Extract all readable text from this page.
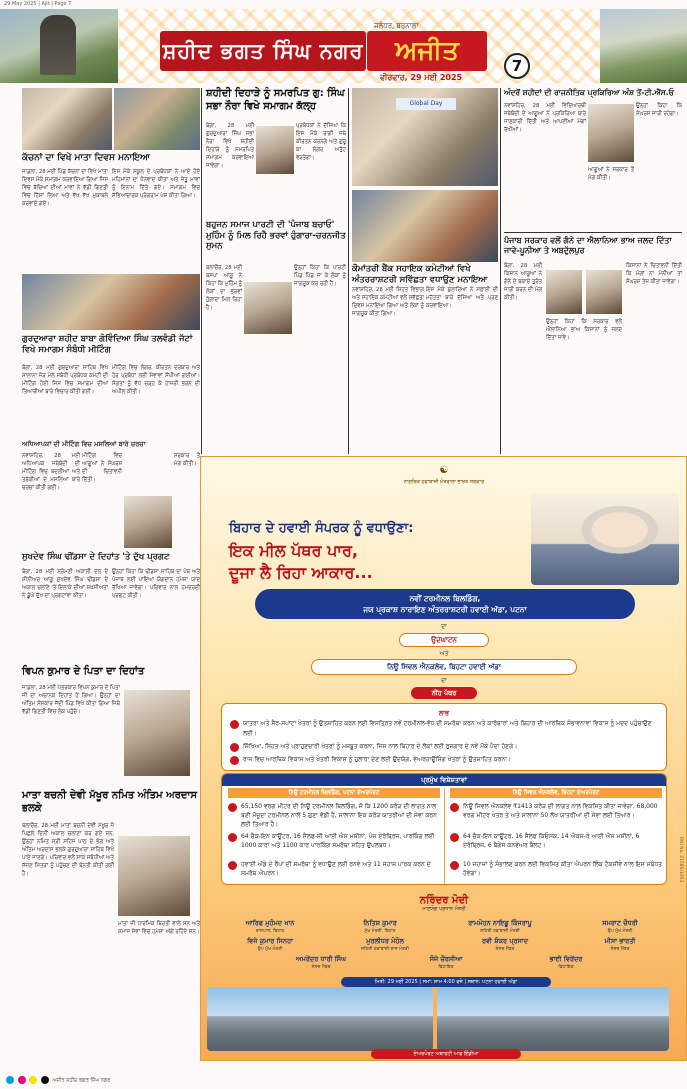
29 May 2025 | Ajit | Page 7
ਸ਼ਹੀਦ ਭਗਤ ਸਿੰਘ ਨਗਰ
ਜਲੰਧਰ, ਬਰਨਾਲਾ
ਅਜੀਤ
ਵੀਰਵਾਰ, 29 ਮਈ 2025
7
ਕੱਚਨਾਂ ਦਾ ਵਿਖੇ ਮਾਤਾ ਦਿਵਸ ਮਨਾਇਆ
ਜਾਡਲਾ, 28 ਮਈ ਪਿੰਡ ਕੱਚਨਾਂ ਦਾ ਵਿਖੇ ਮਾਤਾ ਦਿਵਸ ਮੌਕੇ ਸਮਾਗਮ ਕਰਵਾਇਆ ਗਿਆ ਜਿਸ ਵਿਚ ਬੱਚਿਆਂ ਦੀਆਂ ਮਾਵਾਂ ਨੇ ਵੱਡੀ ਗਿਣਤੀ ਵਿਚ ਹਿੱਸਾ ਲਿਆ ਅਤੇ ਵੱਖ ਵੱਖ ਮੁਕਾਬਲੇ ਕਰਵਾਏ ਗਏ।
ਇਸ ਮੌਕੇ ਸਕੂਲ ਦੇ ਪ੍ਰਬੰਧਕਾਂ ਨੇ ਆਏ ਹੋਏ ਮਹਿਮਾਨਾਂ ਦਾ ਧੰਨਵਾਦ ਕੀਤਾ ਅਤੇ ਜੇਤੂ ਮਾਵਾਂ ਨੂੰ ਇਨਾਮ ਦਿੱਤੇ ਗਏ। ਸਮਾਗਮ ਵਿਚ ਸੱਭਿਆਚਾਰਕ ਪ੍ਰੋਗਰਾਮ ਪੇਸ਼ ਕੀਤਾ ਗਿਆ।
ਗੁਰਦੁਆਰਾ ਸ਼ਹੀਦ ਬਾਬਾ ਗੋਵਿੰਦਿਆ ਸਿੰਘ ਤਲਵੰਡੀ ਜੱਟਾਂ ਵਿਖੇ ਸਮਾਗਮ ਸੰਬੰਧੀ ਮੀਟਿੰਗ
ਬੰਗਾ, 28 ਮਈ ਗੁਰਦੁਆਰਾ ਸਾਹਿਬ ਵਿਖੇ ਸਾਲਾਨਾ ਜੋੜ ਮੇਲੇ ਸਬੰਧੀ ਪ੍ਰਬੰਧਕ ਕਮੇਟੀ ਦੀ ਮੀਟਿੰਗ ਹੋਈ ਜਿਸ ਵਿਚ ਸਮਾਗਮ ਦੀਆਂ ਤਿਆਰੀਆਂ ਬਾਰੇ ਵਿਚਾਰ ਕੀਤੀ ਗਈ।
ਮੀਟਿੰਗ ਵਿਚ ਲੰਗਰ, ਕੀਰਤਨ ਦਰਬਾਰ ਅਤੇ ਹੋਰ ਪ੍ਰਬੰਧਾਂ ਲਈ ਸੇਵਾਵਾਂ ਸੌਂਪੀਆਂ ਗਈਆਂ। ਸੰਗਤਾਂ ਨੂੰ ਵੱਧ ਚੜ੍ਹ ਕੇ ਹਾਜ਼ਰੀ ਭਰਨ ਦੀ ਅਪੀਲ ਕੀਤੀ।
ਅਧਿਆਪਕਾਂ ਦੀ ਮੀਟਿੰਗ ਵਿਚ ਮਸਲਿਆਂ ਬਾਰੇ ਚਰਚਾ
ਨਵਾਂਸ਼ਹਿਰ, 28 ਮਈ ਅਧਿਆਪਕ ਜਥੇਬੰਦੀ ਦੀ ਮੀਟਿੰਗ ਵਿਚ ਬਦਲੀਆਂ ਅਤੇ ਤਰੱਕੀਆਂ ਦੇ ਮਸਲਿਆਂ ਬਾਰੇ ਚਰਚਾ ਕੀਤੀ ਗਈ।
ਮੀਟਿੰਗ ਵਿਚ ਆਗੂਆਂ ਨੇ ਸੰਘਰਸ਼ ਦੀ ਚਿਤਾਵਨੀ ਦਿੱਤੀ।
ਸਰਕਾਰ ਤੋਂ ਮੰਗ ਕੀਤੀ।
ਸੁਖਦੇਵ ਸਿੰਘ ਢੀਂਡਸਾ ਦੇ ਦਿਹਾਂਤ 'ਤੇ ਦੁੱਖ ਪ੍ਰਗਟ
ਬੰਗਾ, 28 ਮਈ ਸ਼੍ਰੋਮਣੀ ਅਕਾਲੀ ਦਲ ਦੇ ਸੀਨੀਅਰ ਆਗੂ ਸੁਖਦੇਵ ਸਿੰਘ ਢੀਂਡਸਾ ਦੇ ਅਕਾਲ ਚਲਾਣੇ 'ਤੇ ਇਲਾਕੇ ਦੀਆਂ ਸ਼ਖ਼ਸੀਅਤਾਂ ਨੇ ਡੂੰਘੇ ਦੁੱਖ ਦਾ ਪ੍ਰਗਟਾਵਾ ਕੀਤਾ।
ਉਨ੍ਹਾਂ ਕਿਹਾ ਕਿ ਢੀਂਡਸਾ ਸਾਹਿਬ ਦਾ ਪੰਥ ਅਤੇ ਪੰਜਾਬ ਲਈ ਪਾਇਆ ਯੋਗਦਾਨ ਹਮੇਸ਼ਾ ਯਾਦ ਰੱਖਿਆ ਜਾਵੇਗਾ। ਪਰਿਵਾਰ ਨਾਲ ਹਮਦਰਦੀ ਪ੍ਰਗਟ ਕੀਤੀ।
ਵਿਪਨ ਕੁਮਾਰ ਦੇ ਪਿਤਾ ਦਾ ਦਿਹਾਂਤ
ਜਾਡਲਾ, 28 ਮਈ ਪੱਤਰਕਾਰ ਵਿਪਨ ਕੁਮਾਰ ਦੇ ਪਿਤਾ ਜੀ ਦਾ ਅਚਾਨਕ ਦਿਹਾਂਤ ਹੋ ਗਿਆ। ਉਨ੍ਹਾਂ ਦਾ ਅੰਤਿਮ ਸੰਸਕਾਰ ਜੱਦੀ ਪਿੰਡ ਵਿਖੇ ਕੀਤਾ ਗਿਆ ਜਿਥੇ ਵੱਡੀ ਗਿਣਤੀ ਵਿਚ ਲੋਕ ਪਹੁੰਚੇ।
ਮਾਤਾ ਬਚਨੀ ਦੇਵੀ ਮੱਖੂਰ ਨਮਿਤ ਅੰਤਿਮ ਅਰਦਾਸ ਭਲਕੇ
ਬਲਾਚੌਰ, 28 ਮਈ ਮਾਤਾ ਬਚਨੀ ਦੇਵੀ ਮੱਖੂਰ ਜੋ ਪਿਛਲੇ ਦਿਨੀਂ ਅਕਾਲ ਚਲਾਣਾ ਕਰ ਗਏ ਸਨ, ਉਨ੍ਹਾਂ ਨਮਿਤ ਸ੍ਰੀ ਸਹਿਜ ਪਾਠ ਦੇ ਭੋਗ ਅਤੇ ਅੰਤਿਮ ਅਰਦਾਸ ਭਲਕੇ ਗੁਰਦੁਆਰਾ ਸਾਹਿਬ ਵਿਖੇ ਪਾਏ ਜਾਣਗੇ। ਪਰਿਵਾਰ ਵਲੋਂ ਸਾਕ ਸਬੰਧੀਆਂ ਅਤੇ ਸੱਜਣ ਮਿੱਤਰਾਂ ਨੂੰ ਪਹੁੰਚਣ ਦੀ ਬੇਨਤੀ ਕੀਤੀ ਗਈ ਹੈ।
ਮਾਤਾ ਜੀ ਧਾਰਮਿਕ ਬਿਰਤੀ ਵਾਲੇ ਸਨ ਅਤੇ ਸਮਾਜ ਸੇਵਾ ਵਿਚ ਹਮੇਸ਼ਾ ਅੱਗੇ ਰਹਿੰਦੇ ਸਨ।
ਸ਼ਹੀਦੀ ਦਿਹਾੜੇ ਨੂੰ ਸਮਰਪਿਤ ਗੁ: ਸਿੰਘ ਸਭਾ ਨੌਰਾ ਵਿਖੇ ਸਮਾਗਮ ਕੱਲ੍ਹ
ਬੰਗਾ, 28 ਮਈ ਗੁਰਦੁਆਰਾ ਸਿੰਘ ਸਭਾ ਨੌਰਾ ਵਿਖੇ ਸ਼ਹੀਦੀ ਦਿਹਾੜੇ ਨੂੰ ਸਮਰਪਿਤ ਸਮਾਗਮ ਕਰਵਾਇਆ ਜਾਵੇਗਾ।
ਪ੍ਰਬੰਧਕਾਂ ਨੇ ਦੱਸਿਆ ਕਿ ਇਸ ਮੌਕੇ ਰਾਗੀ ਜਥੇ ਕੀਰਤਨ ਕਰਨਗੇ ਅਤੇ ਗੁਰੂ ਕਾ ਲੰਗਰ ਅਤੁੱਟ ਵਰਤੇਗਾ।
ਬਹੁਜਨ ਸਮਾਜ ਪਾਰਟੀ ਦੀ 'ਪੰਜਾਬ ਬਚਾਓ' ਮੁਹਿੰਮ ਨੂੰ ਮਿਲ ਰਿਹੈ ਭਰਵਾਂ ਹੁੰਗਾਰਾ-ਚਰਨਜੀਤ ਸੁਮਨ
ਬਲਾਚੌਰ, 28 ਮਈ ਬਸਪਾ ਆਗੂ ਨੇ ਕਿਹਾ ਕਿ ਮੁਹਿੰਮ ਨੂੰ ਲੋਕਾਂ ਦਾ ਭਰਵਾਂ ਹੁੰਗਾਰਾ ਮਿਲ ਰਿਹਾ ਹੈ।
ਉਨ੍ਹਾਂ ਕਿਹਾ ਕਿ ਪਾਰਟੀ ਪਿੰਡ ਪਿੰਡ ਜਾ ਕੇ ਲੋਕਾਂ ਨੂੰ ਜਾਗਰੂਕ ਕਰ ਰਹੀ ਹੈ।
Global Day
ਕੌਮਾਂਤਰੀ ਬੈਂਕ ਸਹਾਇਕ ਕਮੇਟੀਆਂ ਵਿਖੇ ਅੰਤਰਰਾਸ਼ਟਰੀ ਸਵਿੱਛਤਾ ਵਧਾਉਣ ਮਨਾਇਆ
ਨਵਾਂਸ਼ਹਿਰ, 28 ਮਈ ਸਿਹਤ ਵਿਭਾਗ ਅਤੇ ਸਹਾਇਕ ਕਮੇਟੀਆਂ ਵਲੋਂ ਸਵੱਛਤਾ ਦਿਵਸ ਮਨਾਇਆ ਗਿਆ ਅਤੇ ਲੋਕਾਂ ਨੂੰ ਜਾਗਰੂਕ ਕੀਤਾ ਗਿਆ।
ਇਸ ਮੌਕੇ ਬੁਲਾਰਿਆਂ ਨੇ ਸਫ਼ਾਈ ਦੀ ਮਹੱਤਤਾ ਬਾਰੇ ਦੱਸਿਆ ਅਤੇ ਪ੍ਰਣ ਕਰਵਾਇਆ।
ਅੰਦਰੋਂ ਸ਼ਹੀਦਾਂ ਦੀ ਰਾਜਨੀਤਿਕ ਪ੍ਰਕਿਰਿਆ ਅੰਸ਼ ਤੋਂ-ਟੀ.ਐੱਸ.ਓ
ਨਵਾਂਸ਼ਹਿਰ, 28 ਮਈ ਵਿਦਿਆਰਥੀ ਜਥੇਬੰਦੀ ਦੇ ਆਗੂਆਂ ਨੇ ਪ੍ਰਕਿਰਿਆ ਬਾਰੇ ਜਾਣਕਾਰੀ ਦਿੱਤੀ ਅਤੇ ਆਪਣੀਆਂ ਮੰਗਾਂ ਰੱਖੀਆਂ।
ਉਨ੍ਹਾਂ ਕਿਹਾ ਕਿ ਸੰਘਰਸ਼ ਜਾਰੀ ਰਹੇਗਾ।
ਆਗੂਆਂ ਨੇ ਸਰਕਾਰ ਤੋਂ ਮੰਗ ਕੀਤੀ।
ਪੰਜਾਬ ਸਰਕਾਰ ਵਲੋਂ ਗੰਨੇ ਦਾ ਐਲਾਨਿਆ ਭਾਅ ਜਲਦ ਦਿੱਤਾ ਜਾਵੇ-ਪੂਨੀਆ ਤੇ ਅਬਦੁੱਲਪੁਰ
ਬੰਗਾ, 28 ਮਈ ਕਿਸਾਨ ਆਗੂਆਂ ਨੇ ਗੰਨੇ ਦੇ ਬਕਾਏ ਤੁਰੰਤ ਜਾਰੀ ਕਰਨ ਦੀ ਮੰਗ ਕੀਤੀ।
ਉਨ੍ਹਾਂ ਕਿਹਾ ਕਿ ਸਰਕਾਰ ਵਲੋਂ ਐਲਾਨਿਆ ਭਾਅ ਕਿਸਾਨਾਂ ਨੂੰ ਜਲਦ ਦਿੱਤਾ ਜਾਵੇ।
ਕਿਸਾਨਾਂ ਨੇ ਚਿਤਾਵਨੀ ਦਿੱਤੀ ਕਿ ਮੰਗਾਂ ਨਾ ਮੰਨੀਆਂ ਤਾਂ ਸੰਘਰਸ਼ ਤੇਜ਼ ਕੀਤਾ ਜਾਵੇਗਾ।
☯
ਨਾਗਰਿਕ ਹਵਾਬਾਜ਼ੀ ਮੰਤਰਾਲਾ ਭਾਰਤ ਸਰਕਾਰ
ਬਿਹਾਰ ਦੇ ਹਵਾਈ ਸੰਪਰਕ ਨੂੰ ਵਧਾਉਣਾ:
ਇਕ ਮੀਲ ਪੱਥਰ ਪਾਰ,
ਦੂਜਾ ਲੈ ਰਿਹਾ ਆਕਾਰ...
ਨਵੀਂ ਟਰਮੀਨਲ ਬਿਲਡਿੰਗ,
ਜਯ ਪ੍ਰਕਾਸ਼ ਨਾਰਾਇਣ ਅੰਤਰਰਾਸ਼ਟਰੀ ਹਵਾਈ ਅੱਡਾ, ਪਟਨਾ
ਦਾ
ਉਦਘਾਟਨ
ਅਤੇ
ਨਿਊ ਸਿਵਲ ਐਨਕਲੇਵ, ਬਿਹਟਾ ਹਵਾਈ ਅੱਡਾ
ਦਾ
ਨੀਂਹ ਪੱਥਰ
ਲਾਭ
ਯਾਤਰਾ ਅਤੇ ਸੈਰ-ਸਪਾਟਾ ਖੇਤਰਾਂ ਨੂੰ ਉਤਸ਼ਾਹਿਤ ਕਰਨ ਲਈ ਵਿਸਤ੍ਰਿਤ ਨਵੇਂ ਟਰਮੀਨਲ-ਵੱਧ ਦੀ ਸਮਰੱਥਾ ਕਰਨ ਅਤੇ ਕਾਰੋਬਾਰਾਂ ਅਤੇ ਬਿਹਾਰ ਦੀ ਆਰਥਿਕ ਸੰਭਾਵਨਾਵਾਂ ਵਿਕਾਸ ਨੂੰ ਮਦਦ ਪਹੁੰਚਾਉਣ ਲਈ।
ਸਿੱਖਿਆ, ਸਿਹਤ ਅਤੇ ਪ੍ਰਾਹੁਣਚਾਰੀ ਖੇਤਰਾਂ ਨੂੰ ਮਜ਼ਬੂਤ ਕਰਨਾ, ਜਿਸ ਨਾਲ ਬਿਹਾਰ ਦੇ ਲੋਕਾਂ ਲਈ ਰੁਜ਼ਗਾਰ ਦੇ ਨਵੇਂ ਮੌਕੇ ਪੈਦਾ ਹੋਣਗੇ।
ਰਾਜ ਵਿਚ ਆਰਥਿਕ ਵਿਕਾਸ ਅਤੇ ਖੇਤਰੀ ਵਿਕਾਸ ਨੂੰ ਹੁਲਾਰਾ ਦੇਣ ਲਈ ਉਦਯੋਗ, ਵੇਅਰਹਾਊਸਿੰਗ ਖੇਤਰਾਂ ਨੂੰ ਉਤਸ਼ਾਹਿਤ ਕਰਨਾ।
ਪ੍ਰਮੁੱਖ ਵਿਸ਼ੇਸ਼ਤਾਵਾਂ
ਨਿਊ ਟਰਮੀਨਲ ਬਿਲਡਿੰਗ, ਪਟਨਾ ਏਅਰਪੋਰਟ	ਨਿਊ ਸਿਵਲ ਐਨਕਲੇਵ, ਬਿਹਟਾ ਏਅਰਪੋਰਟ
65,150 ਵਰਗ ਮੀਟਰ ਦੀ ਨਿਊ ਟਰਮੀਨਲ ਬਿਲਡਿੰਗ, ਜੋ ਕਿ 1200 ਕਰੋੜ ਦੀ ਲਾਗਤ ਨਾਲ ਬਣੀ ਮੌਜੂਦਾ ਟਰਮੀਨਲ ਨਾਲੋਂ 5 ਗੁਣਾ ਵੱਡੀ ਹੈ, ਸਾਲਾਨਾ ਇਕ ਕਰੋੜ ਯਾਤਰੀਆਂ ਦੀ ਸੇਵਾ ਕਰਨ ਲਈ ਤਿਆਰ ਹੈ।
64 ਚੈਕ-ਇਨ ਕਾਊਂਟਰ, 16 ਸੈਲਫ-ਸੀ ਆਈ ਐਸ ਮਸ਼ੀਨਾਂ, ਪੰਜ ਏਰੋਬ੍ਰਿਜ, ਪਾਰਕਿੰਗ ਲਈ 1000 ਕਾਰਾਂ ਅਤੇ 1100 ਕਾਰ ਪਾਰਕਿੰਗ ਸਮਰੱਥਾ ਸਹਿਤ ਉਪਲਬਧ।
ਹਵਾਈ ਅੱਡੇ ਦੇ ਰੈਂਪਾਂ ਦੀ ਸਮਰੱਥਾ ਨੂੰ ਵਧਾਉਣ ਲਈ ਰਨਵੇ ਅਤੇ 11 ਜਹਾਜ਼ ਪਾਰਕ ਕਰਨ ਦੇ ਸਮਰੱਥ ਐਪਰਨ।
ਨਿਊ ਸਿਵਲ ਐਨਕਲੇਵ ₹1413 ਕਰੋੜ ਦੀ ਲਾਗਤ ਨਾਲ ਵਿਕਸਿਤ ਕੀਤਾ ਜਾਵੇਗਾ, 68,000 ਵਰਗ ਮੀਟਰ ਖੇਤਰ ਤੇ ਅਤੇ ਸਾਲਾਨਾ 50 ਲੱਖ ਯਾਤਰੀਆਂ ਦੀ ਸੇਵਾ ਲਈ ਤਿਆਰ।
64 ਚੈਕ-ਇਨ ਕਾਊਂਟਰ, 16 ਸੈਲਫ ਕਿਓਸਕ, 14 ਐਕਸ-ਰੇ ਆਈ ਐਸ ਮਸ਼ੀਨਾਂ, 6 ਏਰੋਬ੍ਰਿਜ, 6 ਬੈਗੇਜ ਕਨਵੇਅਰ ਬੈਲਟ।
10 ਜਹਾਜ਼ਾਂ ਨੂੰ ਸੰਭਾਲਣ ਕਰਨ ਲਈ ਵਿਕਸਿਤ ਕੀਤਾ ਐਪਰਨ ਲਿੰਕ ਟੈਕਸੀਵੇ ਨਾਲ ਇਸ ਸਬੰਧਤ ਹੋਵੇਗਾ।
ਨਰਿੰਦਰ ਮੋਦੀ
ਮਾਣਯੋਗ ਪ੍ਰਧਾਨ ਮੰਤਰੀ
ਆਰਿਫ ਮੁਹੰਮਦ ਖਾਨ
ਰਾਜਪਾਲ, ਬਿਹਾਰ
ਨਿਤਿਸ਼ ਕੁਮਾਰ
ਮੁੱਖ ਮੰਤਰੀ, ਬਿਹਾਰ
ਰਾਮਮੋਹਨ ਨਾਇਡੂ ਕਿੰਜਰਾਪੂ
ਸ਼ਹਿਰੀ ਹਵਾਬਾਜ਼ੀ ਮੰਤਰੀ
ਸਮਰਾਟ ਚੌਧਰੀ
ਉਪ ਮੁੱਖ ਮੰਤਰੀ
ਵਿਜੇ ਕੁਮਾਰ ਸਿਨਹਾ
ਉਪ ਮੁੱਖ ਮੰਤਰੀ
ਮੁਰਲੀਧਰ ਮੋਹੋਲ
ਸ਼ਹਿਰੀ ਹਵਾਬਾਜ਼ੀ ਰਾਜ ਮੰਤਰੀ
ਰਵੀ ਸ਼ੰਕਰ ਪ੍ਰਸਾਦ
ਸੰਸਦ ਮੈਂਬਰ
ਮੀਸਾ ਭਾਰਤੀ
ਸੰਸਦ ਮੈਂਬਰ
ਅਮਰੇਂਦਰ ਧਾਰੀ ਸਿੰਘ
ਸੰਸਦ ਮੈਂਬਰ
ਸੰਜੇ ਚੌਰਸੀਆ
ਵਿਧਾਇਕ
ਭਾਈ ਵਿਰੇਂਦਰ
ਵਿਧਾਇਕ
ਮਿਤੀ: 29 ਮਈ 2025 | ਸਮਾਂ: ਸ਼ਾਮ 4:00 ਵਜੇ | ਸਥਾਨ: ਪਟਨਾ ਹਵਾਈ ਅੱਡਾ
ਏਅਰਪੋਰਟ ਅਥਾਰਟੀ ਆਫ ਇੰਡੀਆ
RNI No. 21585/1951
ਅਜੀਤ ਸ਼ਹੀਦ ਭਗਤ ਸਿੰਘ ਨਗਰ
